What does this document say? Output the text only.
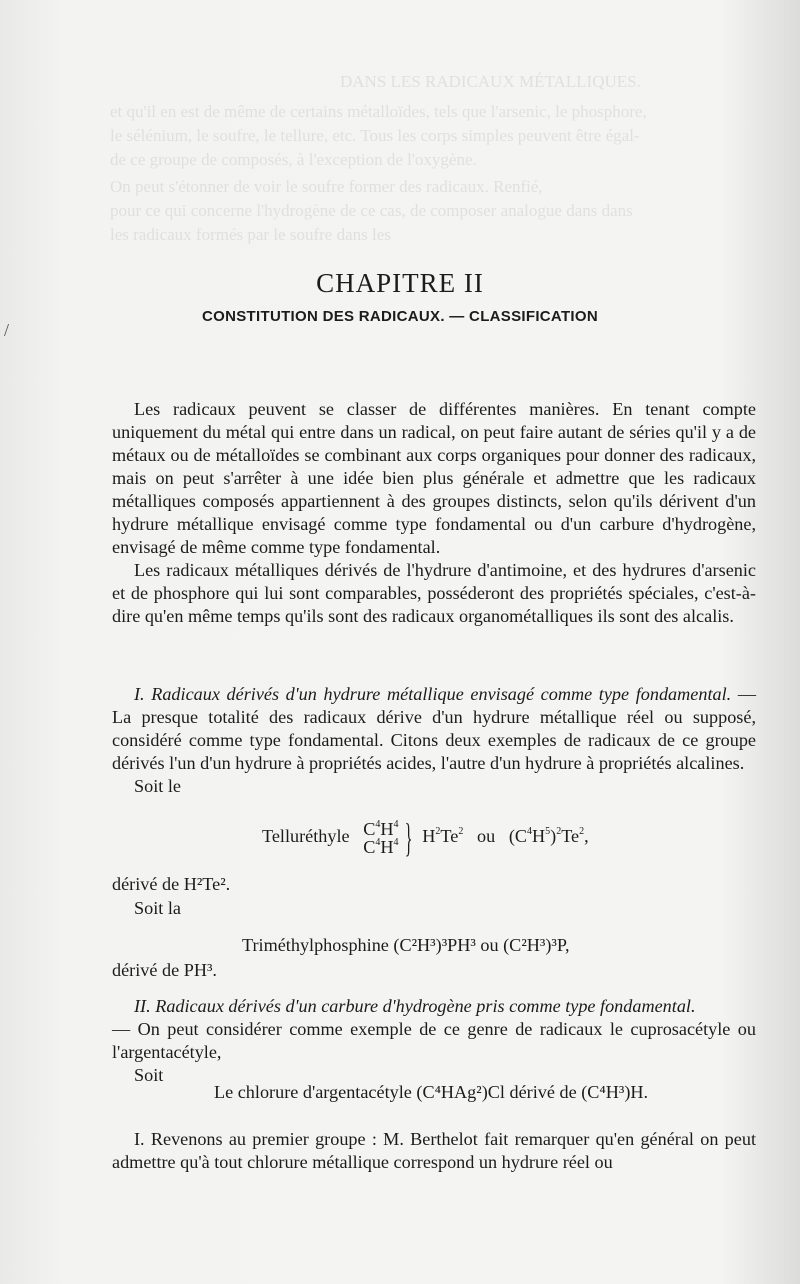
DANS LES RADICAUX MÉTALLIQUES.
et qu'il en est de même de certains métalloïdes, tels que l'arsenic, le phosphore,
le sélénium, le soufre, le tellure, etc. Tous les corps simples peuvent être égal-
de ce groupe de composés, à l'exception de l'oxygène.
On peut s'étonner de voir le soufre former des radicaux. Renfié,
pour ce qui concerne l'hydrogène de ce cas, de composer analogue dans dans
les radicaux formés par le soufre dans les
/
CHAPITRE II
CONSTITUTION DES RADICAUX. — CLASSIFICATION

Les radicaux peuvent se classer de différentes manières. En tenant compte uniquement du métal qui entre dans un radical, on peut faire autant de séries qu'il y a de métaux ou de métalloïdes se combinant aux corps organiques pour donner des radicaux, mais on peut s'arrêter à une idée bien plus générale et admettre que les radicaux métalliques composés appartiennent à des groupes distincts, selon qu'ils dérivent d'un hydrure métallique envisagé comme type fondamental ou d'un carbure d'hydrogène, envisagé de même comme type fondamental.

Les radicaux métalliques dérivés de l'hydrure d'antimoine, et des hydrures d'arsenic et de phosphore qui lui sont comparables, posséderont des propriétés spéciales, c'est-à-dire qu'en même temps qu'ils sont des radicaux organométalliques ils sont des alcalis.

I. Radicaux dérivés d'un hydrure métallique envisagé comme type fondamental. — La presque totalité des radicaux dérive d'un hydrure métallique réel ou supposé, considéré comme type fondamental. Citons deux exemples de radicaux de ce groupe dérivés l'un d'un hydrure à propriétés acides, l'autre d'un hydrure à propriétés alcalines.

Soit le

Telluréthyle $C^4H^4$
$C^4H^4$ } $H^2Te^2$ ou   $(C^4H^5)^2Te^2$,

dérivé de H²Te².

Soit la

Triméthylphosphine (C²H³)³PH³ ou (C²H³)³P,

dérivé de PH³.

II. Radicaux dérivés d'un carbure d'hydrogène pris comme type fondamental.

— On peut considérer comme exemple de ce genre de radicaux le cuprosacétyle ou l'argentacétyle,

Soit

Le chlorure d'argentacétyle (C⁴HAg²)Cl dérivé de (C⁴H³)H.

I. Revenons au premier groupe : M. Berthelot fait remarquer qu'en général on peut admettre qu'à tout chlorure métallique correspond un hydrure réel ou
